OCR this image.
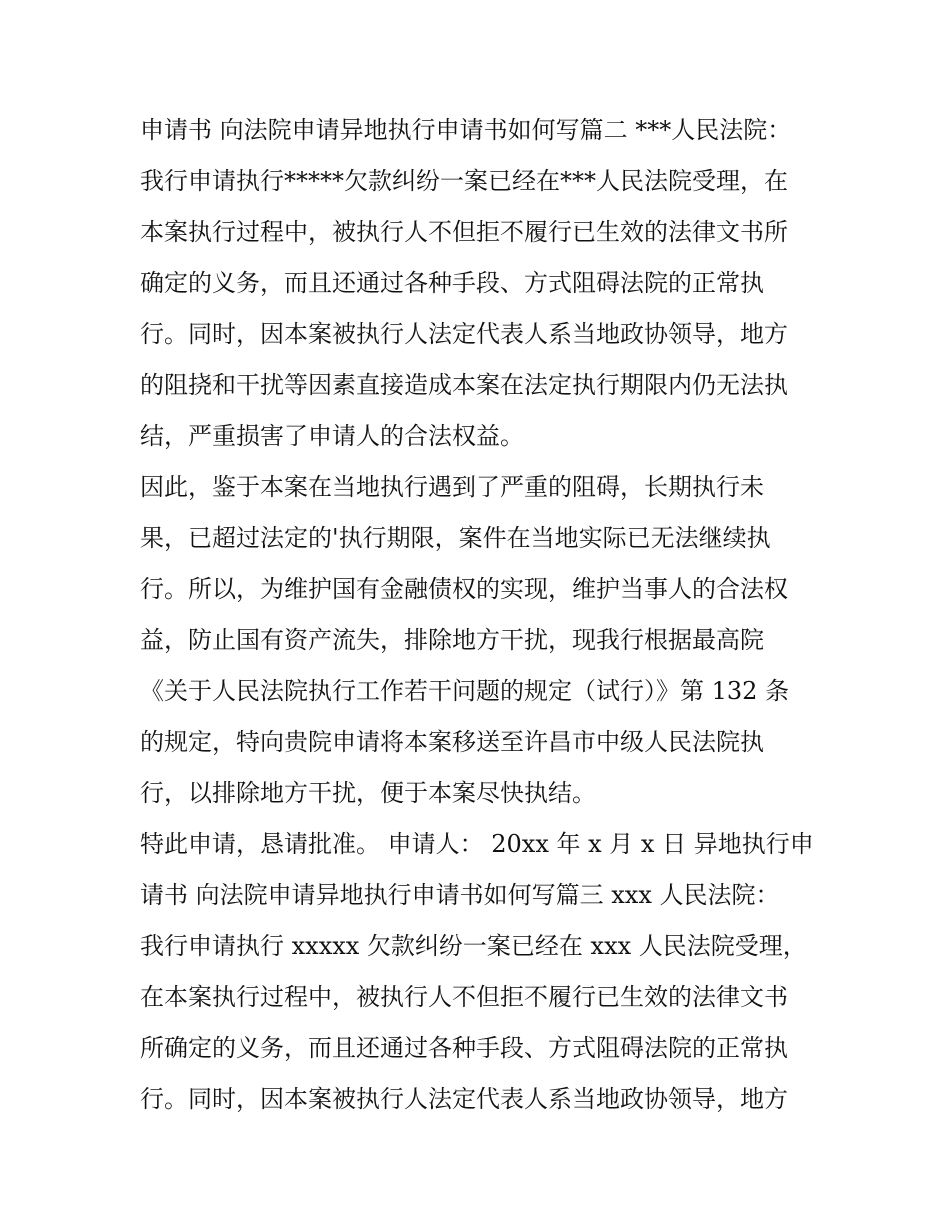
申请书 向法院申请异地执行申请书如何写篇二 ***人民法院：
我行申请执行*****欠款纠纷一案已经在***人民法院受理，在
本案执行过程中，被执行人不但拒不履行已生效的法律文书所
确定的义务，而且还通过各种手段、方式阻碍法院的正常执
行。同时，因本案被执行人法定代表人系当地政协领导，地方
的阻挠和干扰等因素直接造成本案在法定执行期限内仍无法执
结，严重损害了申请人的合法权益。
因此，鉴于本案在当地执行遇到了严重的阻碍，长期执行未
果，已超过法定的'执行期限，案件在当地实际已无法继续执
行。所以，为维护国有金融债权的实现，维护当事人的合法权
益，防止国有资产流失，排除地方干扰，现我行根据最高院
《关于人民法院执行工作若干问题的规定（试行）》第 132 条
的规定，特向贵院申请将本案移送至许昌市中级人民法院执
行，以排除地方干扰，便于本案尽快执结。
特此申请，恳请批准。 申请人： 20xx 年 x 月 x 日 异地执行申
请书 向法院申请异地执行申请书如何写篇三 xxx 人民法院：
我行申请执行 xxxxx 欠款纠纷一案已经在 xxx 人民法院受理，
在本案执行过程中，被执行人不但拒不履行已生效的法律文书
所确定的义务，而且还通过各种手段、方式阻碍法院的正常执
行。同时，因本案被执行人法定代表人系当地政协领导，地方
